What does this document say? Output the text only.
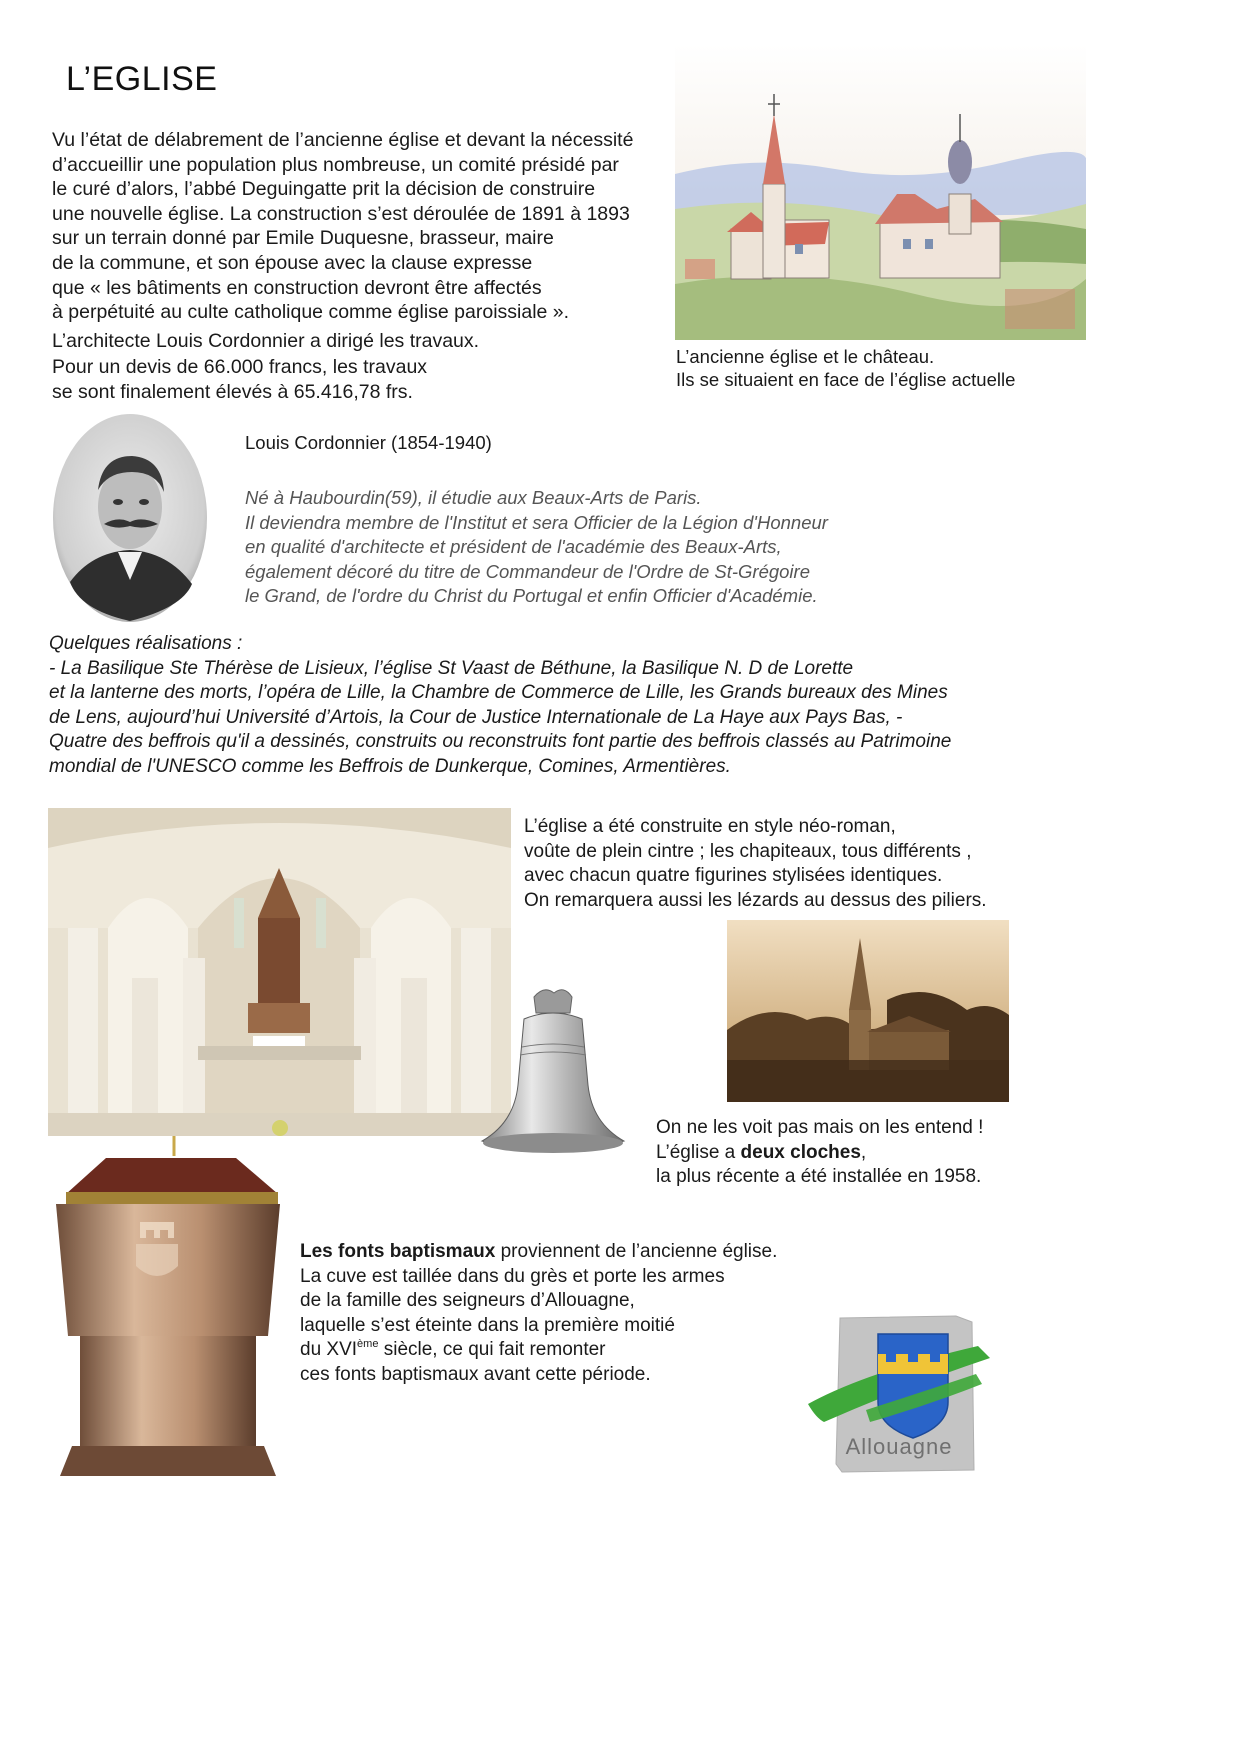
L’EGLISE
Vu l’état de délabrement de l’ancienne église et devant la nécessité
d’accueillir une population plus nombreuse, un comité présidé par
le curé d’alors, l’abbé Deguingatte prit la décision de construire
une nouvelle église. La construction s’est déroulée de 1891 à 1893
sur un terrain donné par Emile Duquesne, brasseur, maire
de la commune, et son épouse avec la clause expresse
que « les bâtiments en construction devront être affectés
à perpétuité au culte catholique comme église paroissiale ».
L’architecte Louis Cordonnier a dirigé les travaux.
Pour un devis de 66.000 francs, les travaux
se sont finalement élevés à 65.416,78 frs.
L’ancienne église et le château.
Ils se situaient en face de l’église actuelle
Louis Cordonnier (1854-1940)
Né à Haubourdin(59), il étudie aux Beaux-Arts de Paris.
Il deviendra membre de l'Institut et sera Officier de la Légion d'Honneur
en qualité d'architecte et président de l'académie des Beaux-Arts,
également décoré du titre de Commandeur de l'Ordre de St-Grégoire
le Grand, de l'ordre du Christ du Portugal et enfin Officier d'Académie.
Quelques réalisations :
- La Basilique Ste Thérèse de Lisieux, l’église St Vaast de Béthune, la Basilique N. D de Lorette
et la lanterne des morts, l’opéra de Lille, la Chambre de Commerce de Lille, les Grands bureaux des Mines
de Lens, aujourd’hui Université d’Artois, la Cour de Justice Internationale de La Haye aux Pays Bas, -
Quatre des beffrois qu'il a dessinés, construits ou reconstruits font partie des beffrois classés au Patrimoine
mondial de l'UNESCO comme les Beffrois de Dunkerque, Comines, Armentières.
L’église a été construite en style néo-roman,
voûte de plein cintre ; les chapiteaux, tous différents ,
avec chacun quatre figurines stylisées identiques.
On remarquera aussi les lézards au dessus des piliers.
On ne les voit pas mais on les entend !
L’église a deux cloches,
la plus récente a été installée en 1958.
Les fonts baptismaux proviennent de l’ancienne église.
La cuve est taillée dans du grès et porte les armes
de la famille des seigneurs d’Allouagne,
laquelle s’est éteinte dans la première moitié
du XVIème siècle, ce qui fait remonter
ces fonts baptismaux avant cette période.
Allouagne
